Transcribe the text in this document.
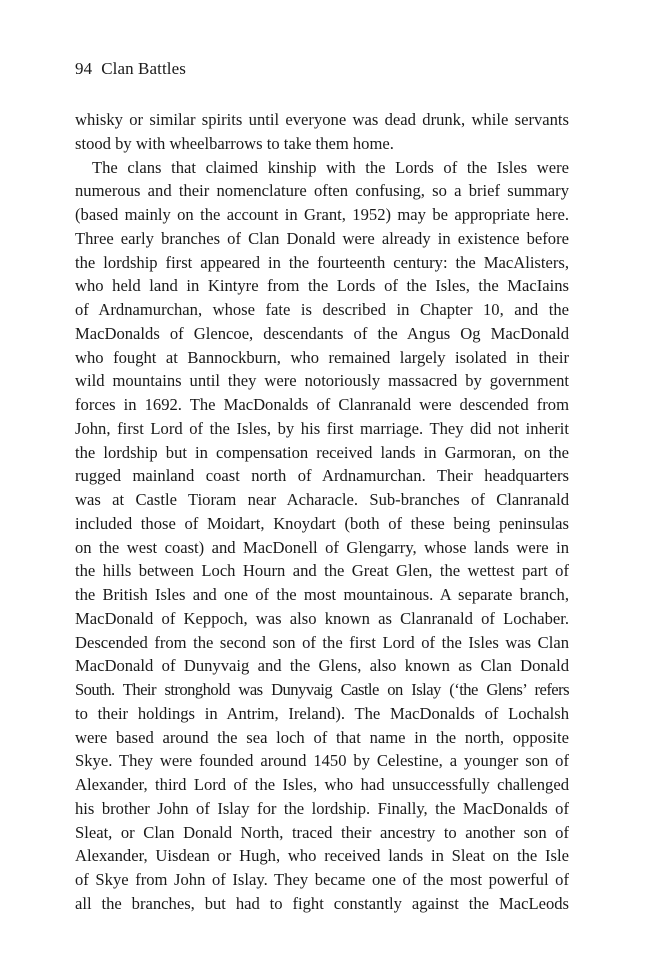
94 Clan Battles
whisky or similar spirits until everyone was dead drunk, while servants
stood by with wheelbarrows to take them home.
The clans that claimed kinship with the Lords of the Isles were
numerous and their nomenclature often confusing, so a brief summary
(based mainly on the account in Grant, 1952) may be appropriate here.
Three early branches of Clan Donald were already in existence before
the lordship first appeared in the fourteenth century: the MacAlisters,
who held land in Kintyre from the Lords of the Isles, the MacIains
of Ardnamurchan, whose fate is described in Chapter 10, and the
MacDonalds of Glencoe, descendants of the Angus Og MacDonald
who fought at Bannockburn, who remained largely isolated in their
wild mountains until they were notoriously massacred by government
forces in 1692. The MacDonalds of Clanranald were descended from
John, first Lord of the Isles, by his first marriage. They did not inherit
the lordship but in compensation received lands in Garmoran, on the
rugged mainland coast north of Ardnamurchan. Their headquarters
was at Castle Tioram near Acharacle. Sub-branches of Clanranald
included those of Moidart, Knoydart (both of these being peninsulas
on the west coast) and MacDonell of Glengarry, whose lands were in
the hills between Loch Hourn and the Great Glen, the wettest part of
the British Isles and one of the most mountainous. A separate branch,
MacDonald of Keppoch, was also known as Clanranald of Lochaber.
Descended from the second son of the first Lord of the Isles was Clan
MacDonald of Dunyvaig and the Glens, also known as Clan Donald
South. Their stronghold was Dunyvaig Castle on Islay (‘the Glens’ refers
to their holdings in Antrim, Ireland). The MacDonalds of Lochalsh
were based around the sea loch of that name in the north, opposite
Skye. They were founded around 1450 by Celestine, a younger son of
Alexander, third Lord of the Isles, who had unsuccessfully challenged
his brother John of Islay for the lordship. Finally, the MacDonalds of
Sleat, or Clan Donald North, traced their ancestry to another son of
Alexander, Uisdean or Hugh, who received lands in Sleat on the Isle
of Skye from John of Islay. They became one of the most powerful of
all the branches, but had to fight constantly against the MacLeods
